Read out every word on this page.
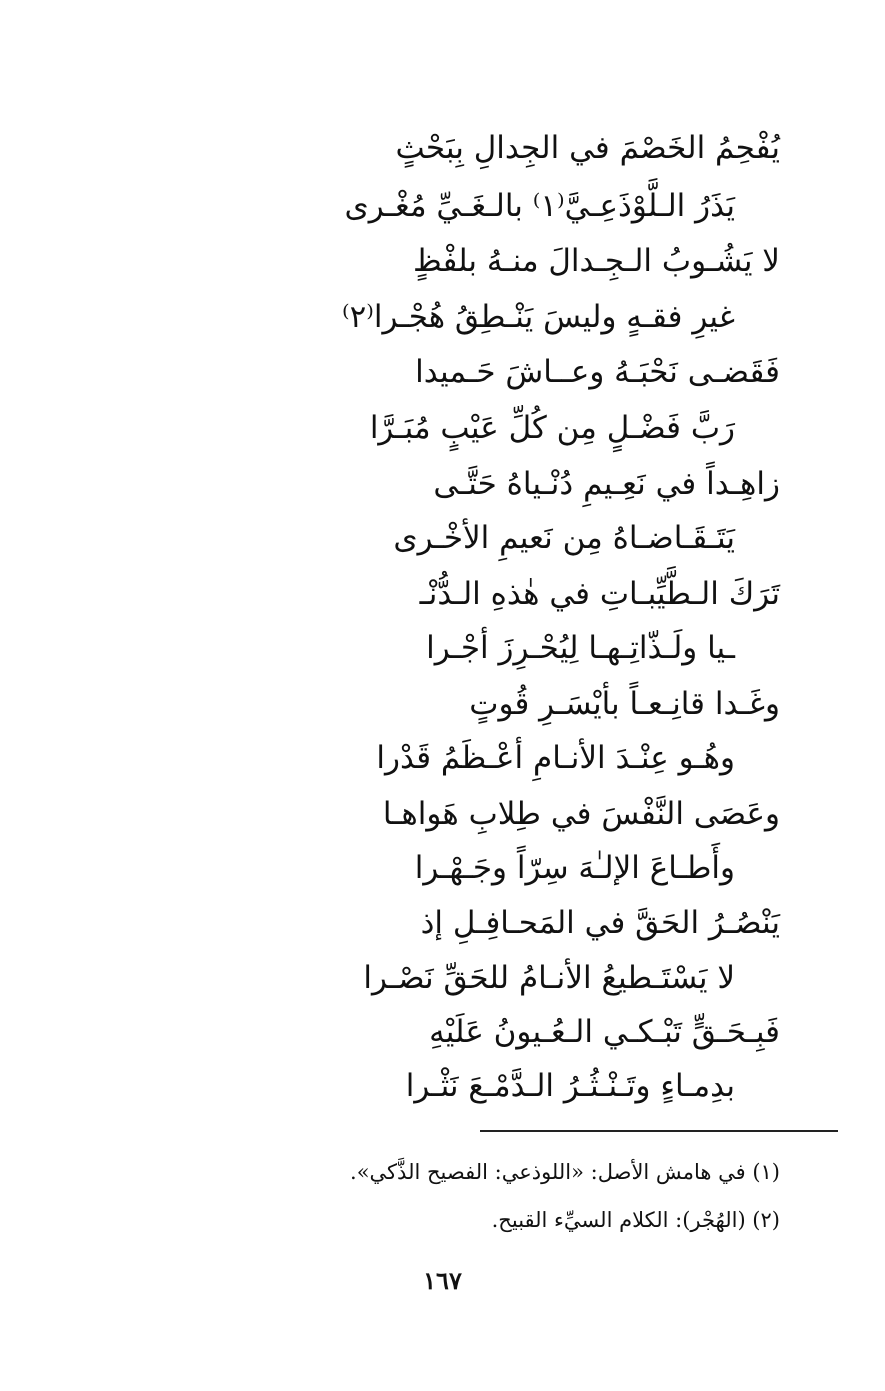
يُفْحِمُ الخَصْمَ في الجِدالِ بِبَحْثٍ
يَذَرُ الـلَّوْذَعِـيَّ⁽١⁾ بالـغَـيِّ مُغْـرى
لا يَشُـوبُ الـجِـدالَ منـهُ بلفْظٍ
غيرِ فقـهٍ وليسَ يَنْـطِقُ هُجْـرا⁽٢⁾
فَقَضـى نَحْبَـهُ وعــاشَ حَـميدا
رَبَّ فَضْـلٍ مِن كُلِّ عَيْبٍ مُبَـرَّا
زاهِـداً في نَعِـيمِ دُنْـياهُ حَتَّـى
يَتَـقَـاضـاهُ مِن نَعيمِ الأخْـرى
تَرَكَ الـطَّيِّبـاتِ في هٰذهِ الـدُّنْـ
ـيا ولَـذّاتِـهـا لِيُحْـرِزَ أجْـرا
وغَـدا قانِـعـاً بأيْسَـرِ قُوتٍ
وهُـو عِنْـدَ الأنـامِ أعْـظَمُ قَدْرا
وعَصَى النَّفْسَ في طِلابِ هَواهـا
وأَطـاعَ الإلـٰهَ سِرّاً وجَـهْـرا
يَنْصُـرُ الحَقَّ في المَحـافِـلِ إذ
لا يَسْتَـطيعُ الأنـامُ للحَقِّ نَصْـرا
فَبِـحَـقٍّ تَبْـكـي الـعُـيونُ عَلَيْهِ
بدِمـاءٍ وتَـنْـثُـرُ الـدَّمْـعَ نَثْـرا
(١) في هامش الأصل: «اللوذعي: الفصيح الذَّكي».
(٢) (الهُجْر): الكلام السيِّء القبيح.
١٦٧
